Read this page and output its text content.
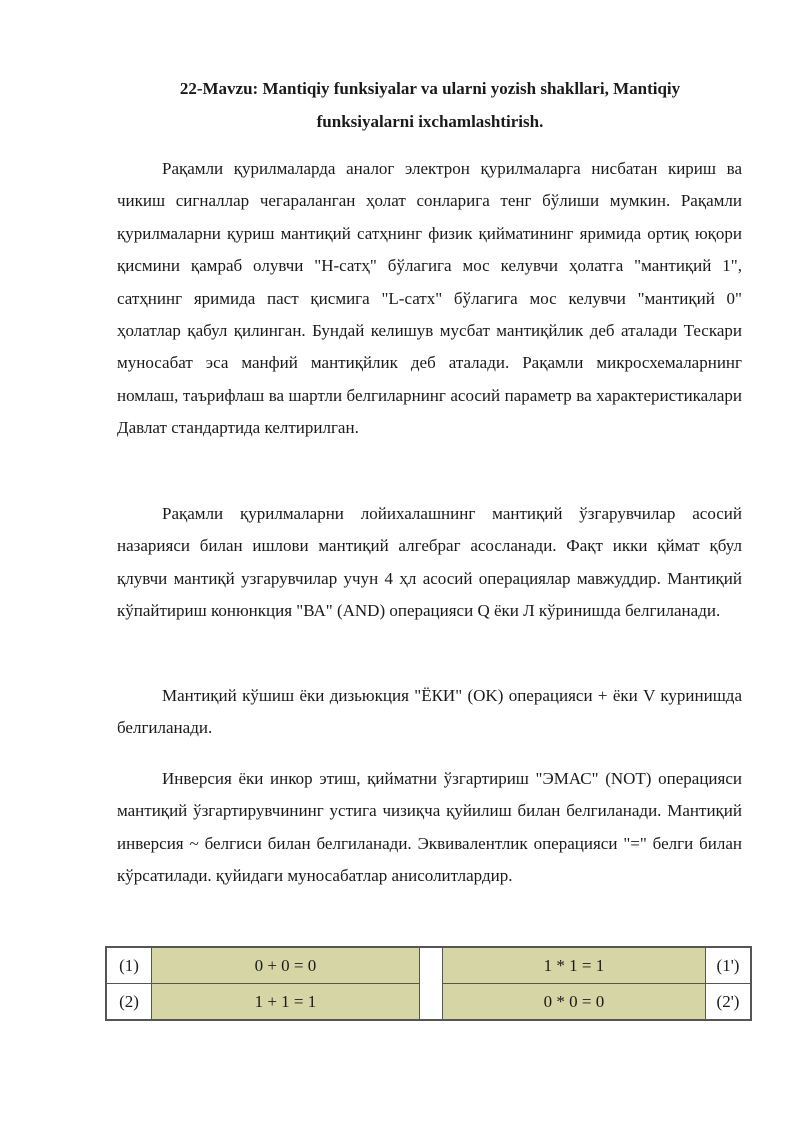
22-Mavzu: Mantiqiy funksiyalar va ularni yozish shakllari, Mantiqiy
funksiyalarni ixchamlashtirish.

Рақамли қурилмаларда аналог электрон қурилмаларга нисбатан кириш ва чикиш сигналлар чегараланган ҳолат сонларига тенг бўлиши мумкин. Рақамли қурилмаларни қуриш мантиқий сатҳнинг физик қийматининг яримида ортиқ юқори қисмини қамраб олувчи "Н-сатҳ" бўлагига мос келувчи ҳолатга "мантиқий 1", сатҳнинг яримида паст қисмига "L-сатх" бўлагига мос келувчи "мантиқий 0" ҳолатлар қабул қилинган. Бундай келишув мусбат мантиқйлик деб аталади Тескари муносабат эса манфий мантиқйлик деб аталади. Рақамли микросхемаларнинг номлаш, таърифлаш ва шартли белгиларнинг асосий параметр ва характеристикалари Давлат стандартида келтирилган.

Рақамли қурилмаларни лойихалашнинг мантиқий ўзгарувчилар асосий назарияси билан ишлови мантиқий алгебраг асосланади. Фақт икки қймат қбул қлувчи мантиқй узгарувчилар учун 4 ҳл асосий операциялар мавжуддир. Мантиқий кўпайтириш конюнкция "ВА" (AND) операцияси Q ёки Л кўринишда белгиланади.

Мантиқий кўшиш ёки дизьюкция "ЁКИ" (OK) операцияси + ёки V куринишда белгиланади.

Инверсия ёки инкор этиш, қийматни ўзгартириш "ЭМАС" (NOT) операцияси мантиқий ўзгартирувчининг устига чизиқча қуйилиш билан белгиланади. Мантиқий инверсия ~ белгиси билан белгиланади. Эквивалентлик операцияси "=" белги билан кўрсатилади. қуйидаги муносабатлар анисолитлардир.

(1)	0 + 0 = 0		1 * 1 = 1	(1')
(2)	1 + 1 = 1		0 * 0 = 0	(2')
